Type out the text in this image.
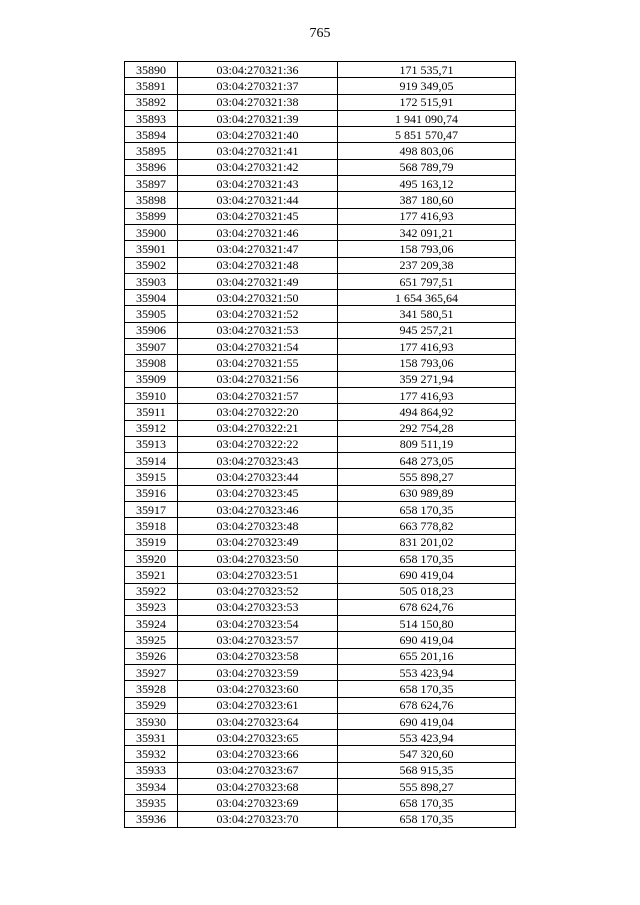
765
35890	03:04:270321:36	171 535,71
35891	03:04:270321:37	919 349,05
35892	03:04:270321:38	172 515,91
35893	03:04:270321:39	1 941 090,74
35894	03:04:270321:40	5 851 570,47
35895	03:04:270321:41	498 803,06
35896	03:04:270321:42	568 789,79
35897	03:04:270321:43	495 163,12
35898	03:04:270321:44	387 180,60
35899	03:04:270321:45	177 416,93
35900	03:04:270321:46	342 091,21
35901	03:04:270321:47	158 793,06
35902	03:04:270321:48	237 209,38
35903	03:04:270321:49	651 797,51
35904	03:04:270321:50	1 654 365,64
35905	03:04:270321:52	341 580,51
35906	03:04:270321:53	945 257,21
35907	03:04:270321:54	177 416,93
35908	03:04:270321:55	158 793,06
35909	03:04:270321:56	359 271,94
35910	03:04:270321:57	177 416,93
35911	03:04:270322:20	494 864,92
35912	03:04:270322:21	292 754,28
35913	03:04:270322:22	809 511,19
35914	03:04:270323:43	648 273,05
35915	03:04:270323:44	555 898,27
35916	03:04:270323:45	630 989,89
35917	03:04:270323:46	658 170,35
35918	03:04:270323:48	663 778,82
35919	03:04:270323:49	831 201,02
35920	03:04:270323:50	658 170,35
35921	03:04:270323:51	690 419,04
35922	03:04:270323:52	505 018,23
35923	03:04:270323:53	678 624,76
35924	03:04:270323:54	514 150,80
35925	03:04:270323:57	690 419,04
35926	03:04:270323:58	655 201,16
35927	03:04:270323:59	553 423,94
35928	03:04:270323:60	658 170,35
35929	03:04:270323:61	678 624,76
35930	03:04:270323:64	690 419,04
35931	03:04:270323:65	553 423,94
35932	03:04:270323:66	547 320,60
35933	03:04:270323:67	568 915,35
35934	03:04:270323:68	555 898,27
35935	03:04:270323:69	658 170,35
35936	03:04:270323:70	658 170,35
